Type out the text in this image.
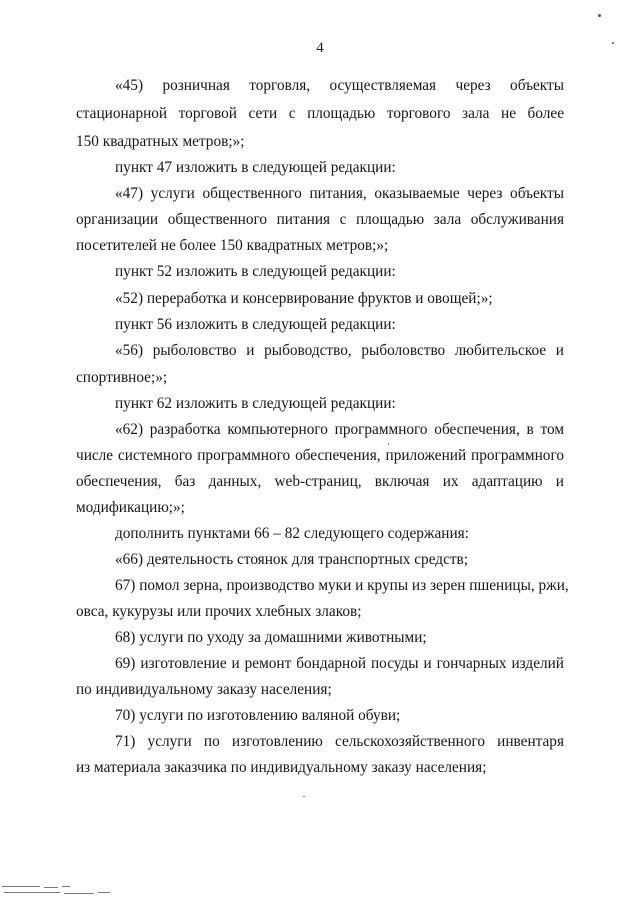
4
«45) розничная торговля, осуществляемая через объекты
стационарной торговой сети с площадью торгового зала не более
150 квадратных метров;»;
пункт 47 изложить в следующей редакции:
«47) услуги общественного питания, оказываемые через объекты
организации общественного питания с площадью зала обслуживания
посетителей не более 150 квадратных метров;»;
пункт 52 изложить в следующей редакции:
«52) переработка и консервирование фруктов и овощей;»;
пункт 56 изложить в следующей редакции:
«56) рыболовство и рыбоводство, рыболовство любительское и
спортивное;»;
пункт 62 изложить в следующей редакции:
«62) разработка компьютерного программного обеспечения, в том
числе системного программного обеспечения, приложений программного
обеспечения, баз данных, web-страниц, включая их адаптацию и
модификацию;»;
дополнить пунктами 66 – 82 следующего содержания:
«66) деятельность стоянок для транспортных средств;
67) помол зерна, производство муки и крупы из зерен пшеницы, ржи,
овса, кукурузы или прочих хлебных злаков;
68) услуги по уходу за домашними животными;
69) изготовление и ремонт бондарной посуды и гончарных изделий
по индивидуальному заказу населения;
70) услуги по изготовлению валяной обуви;
71) услуги по изготовлению сельскохозяйственного инвентаря
из материала заказчика по индивидуальному заказу населения;
